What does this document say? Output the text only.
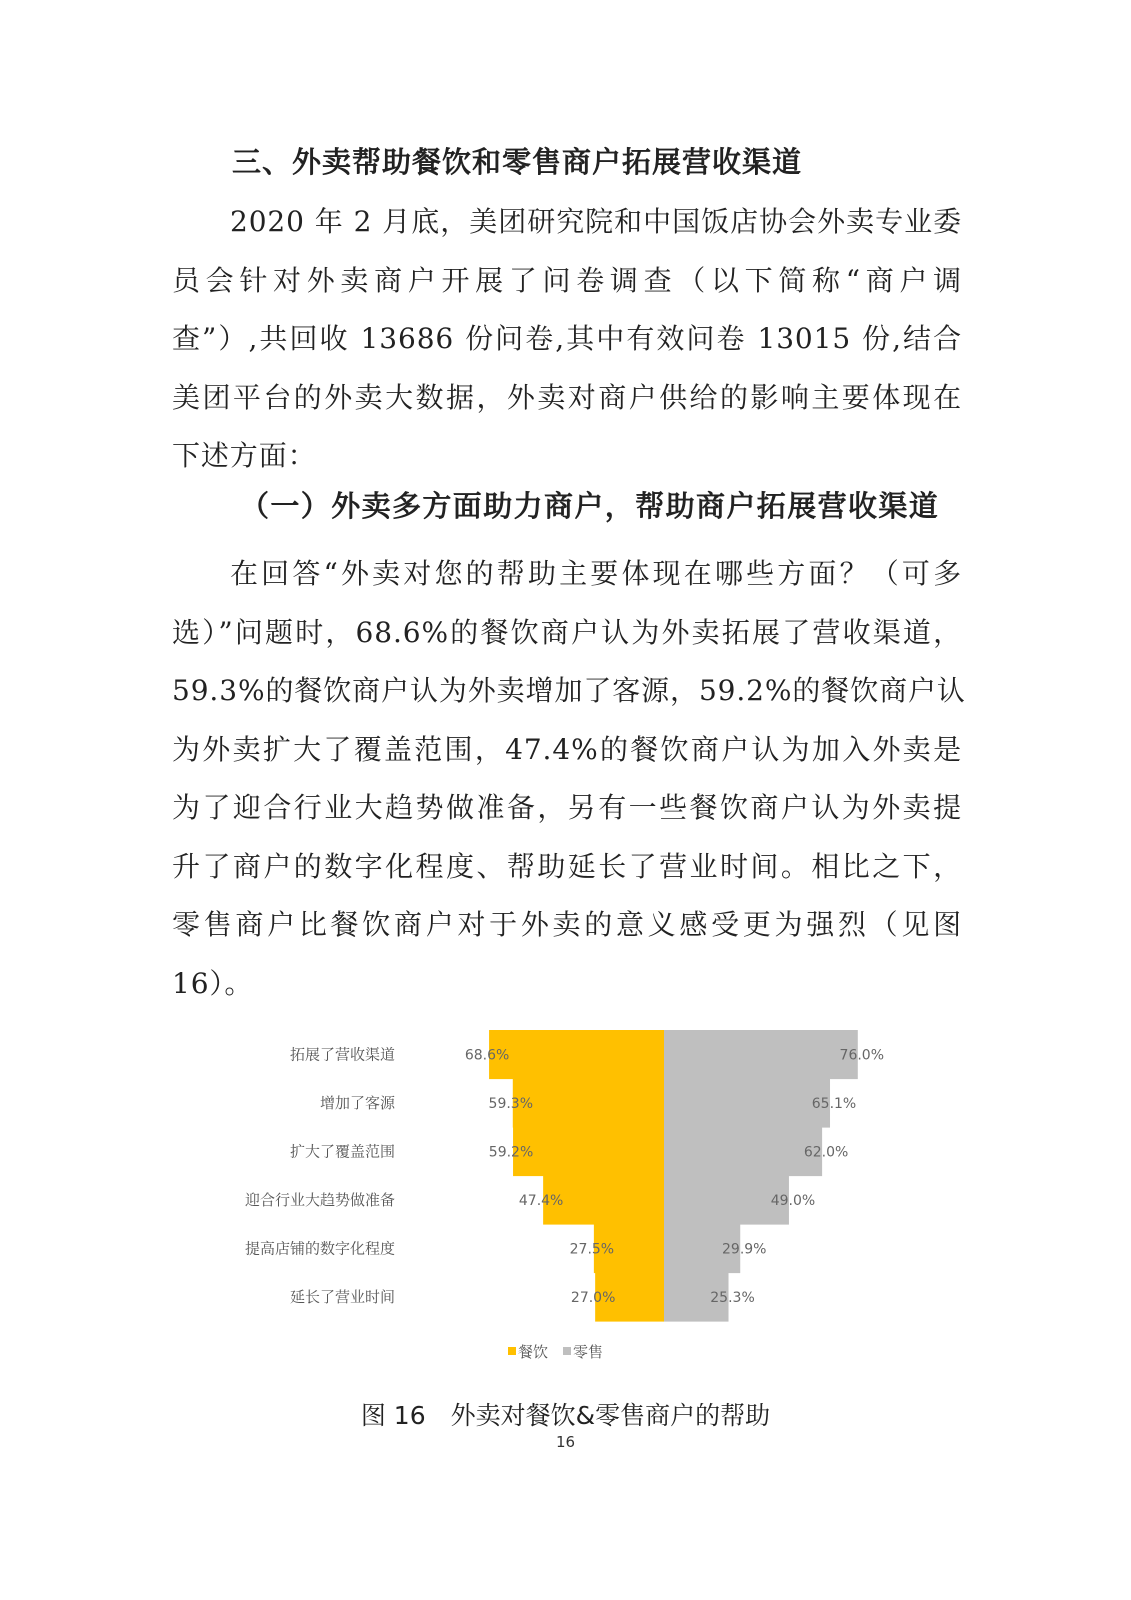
三、外卖帮助餐饮和零售商户拓展营收渠道
2020 年 2 月底，美团研究院和中国饭店协会外卖专业委
员会针对外卖商户开展了问卷调查（以下简称“商户调
查”）,共回收 13686 份问卷,其中有效问卷 13015 份,结合
美团平台的外卖大数据，外卖对商户供给的影响主要体现在
下述方面：
（一）外卖多方面助力商户，帮助商户拓展营收渠道
在回答“外卖对您的帮助主要体现在哪些方面？（可多
选）”问题时，68.6%的餐饮商户认为外卖拓展了营收渠道，
59.3%的餐饮商户认为外卖增加了客源，59.2%的餐饮商户认
为外卖扩大了覆盖范围，47.4%的餐饮商户认为加入外卖是
为了迎合行业大趋势做准备，另有一些餐饮商户认为外卖提
升了商户的数字化程度、帮助延长了营业时间。相比之下，
零售商户比餐饮商户对于外卖的意义感受更为强烈（见图
16）。
拓展了营收渠道	68.6%	76.0%
增加了客源	59.3%	65.1%
扩大了覆盖范围	59.2%	62.0%
迎合行业大趋势做准备	47.4%	49.0%
提高店铺的数字化程度	27.5%	29.9%
延长了营业时间	27.0%	25.3%
餐饮 零售
图 16　外卖对餐饮&零售商户的帮助
16
